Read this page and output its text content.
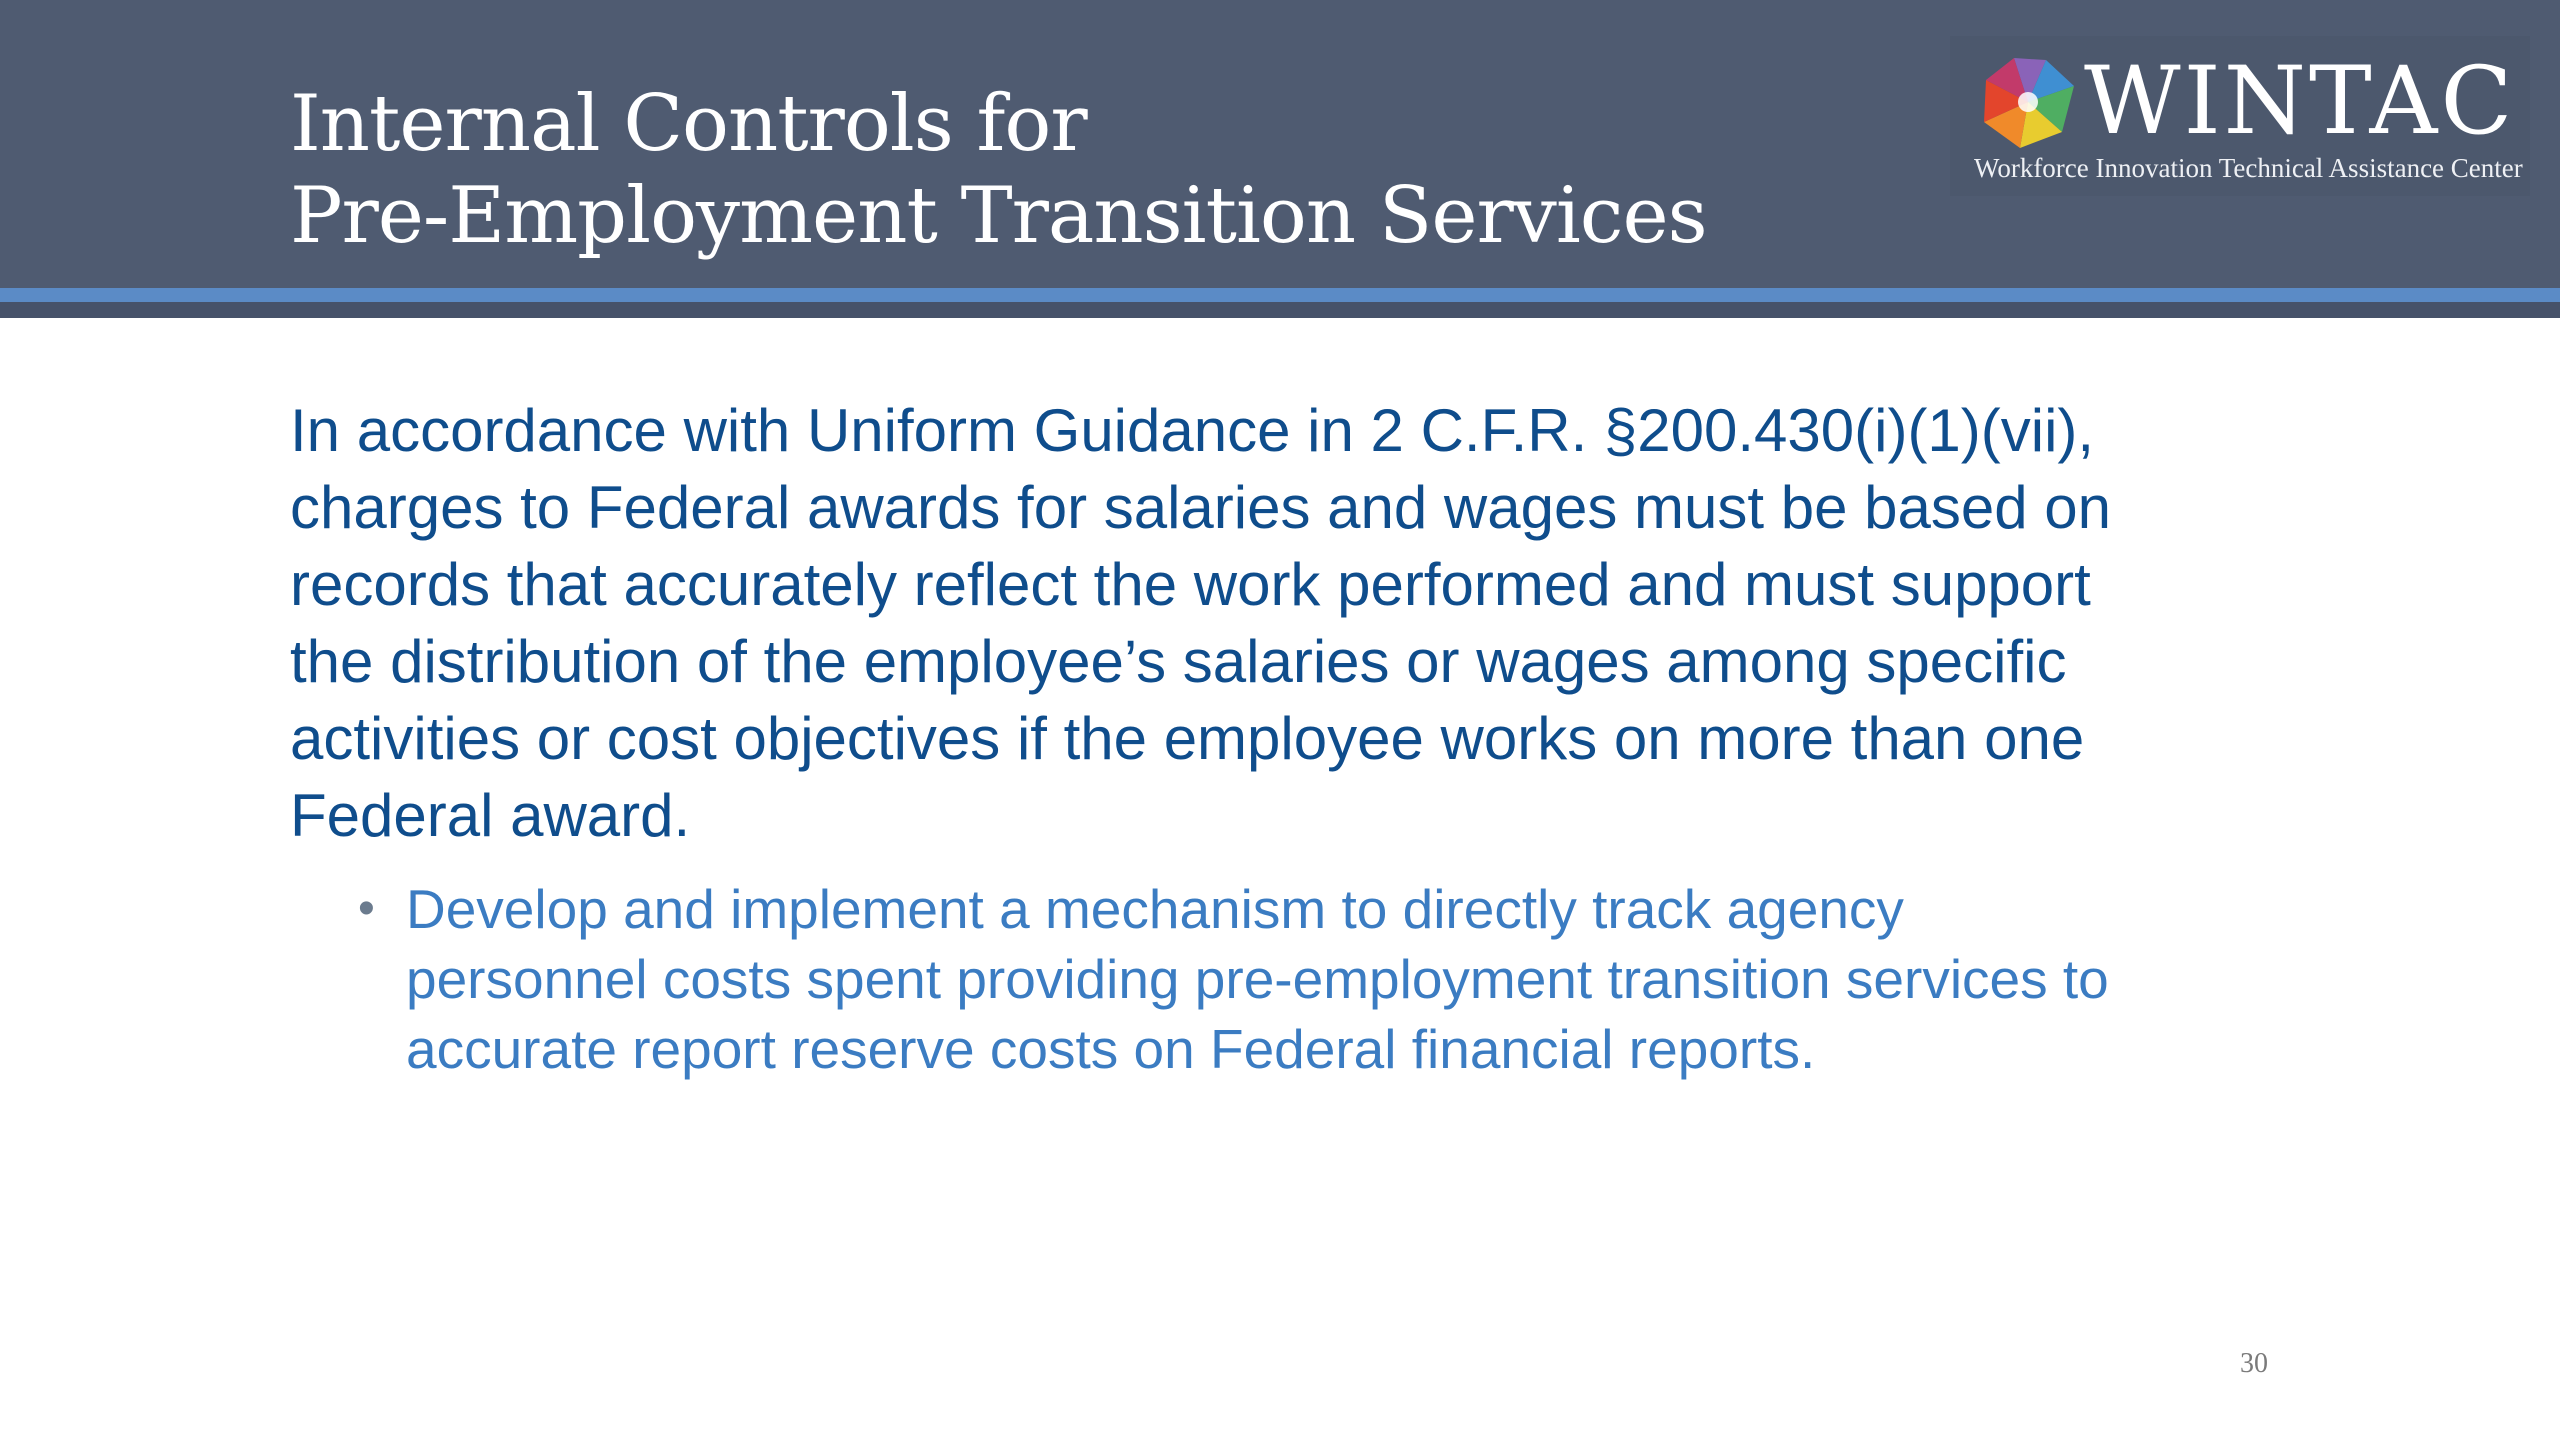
Internal Controls for
Pre-Employment Transition Services
WINTAC
Workforce Innovation Technical Assistance Center

In accordance with Uniform Guidance in 2 C.F.R. §200.430(i)(1)(vii),
charges to Federal awards for salaries and wages must be based on
records that accurately reflect the work performed and must support
the distribution of the employee’s salaries or wages among specific
activities or cost objectives if the employee works on more than one
Federal award.

• Develop and implement a mechanism to directly track agency
personnel costs spent providing pre-employment transition services to
accurate report reserve costs on Federal financial reports.
30
